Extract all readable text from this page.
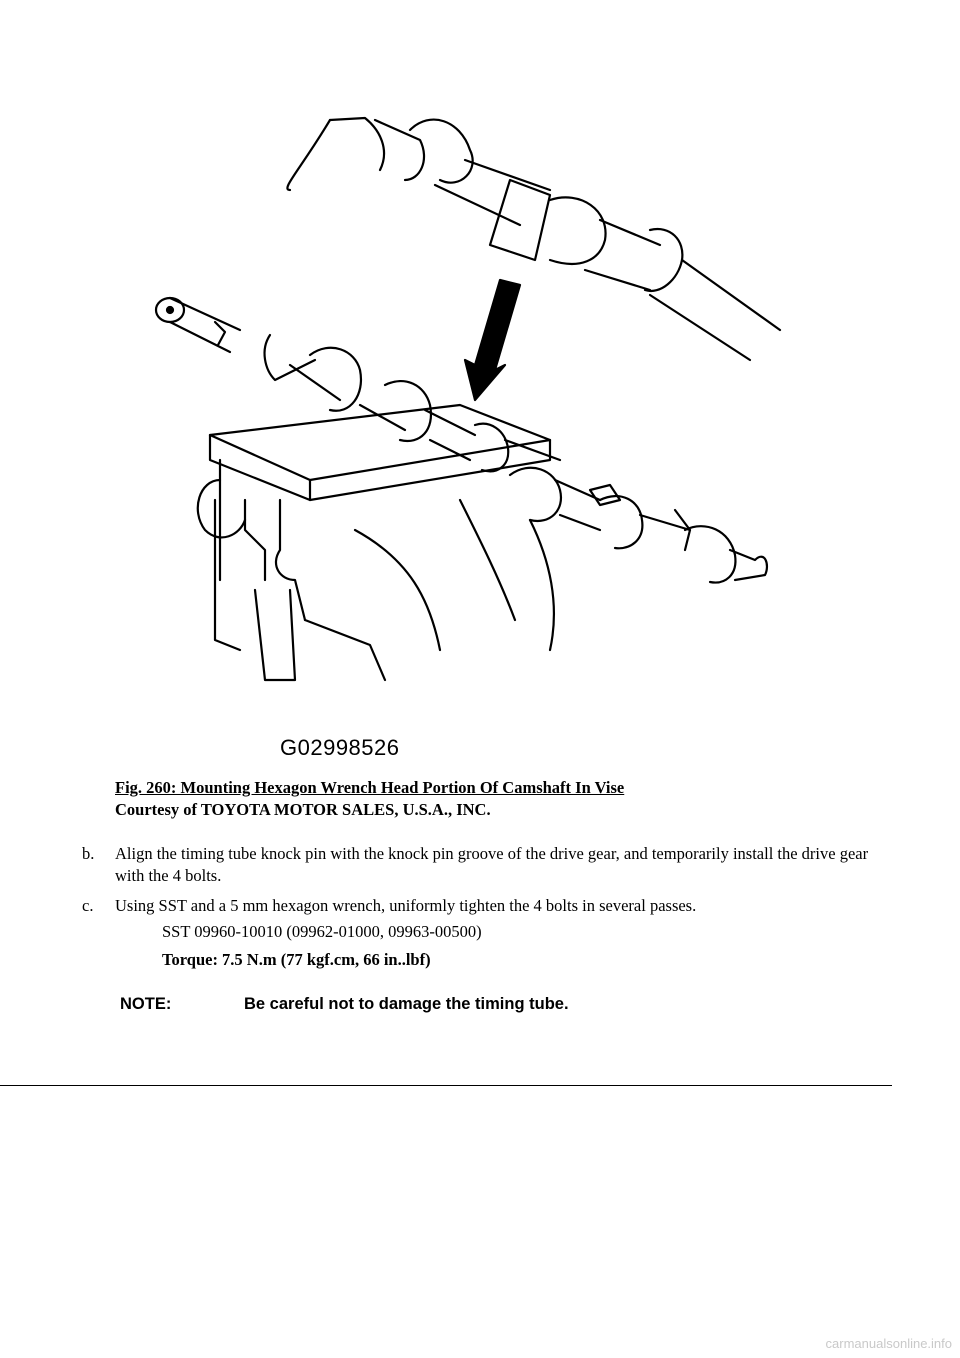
G02998526
Fig. 260: Mounting Hexagon Wrench Head Portion Of Camshaft In Vise
Courtesy of TOYOTA MOTOR SALES, U.S.A., INC.
b.	Align the timing tube knock pin with the knock pin groove of the drive gear, and temporarily install the drive gear with the 4 bolts.
c.	Using SST and a 5 mm hexagon wrench, uniformly tighten the 4 bolts in several passes.
SST 09960-10010 (09962-01000, 09963-00500)
Torque: 7.5 N.m (77 kgf.cm, 66 in..lbf)
NOTE:	Be careful not to damage the timing tube.
carmanualsonline.info
